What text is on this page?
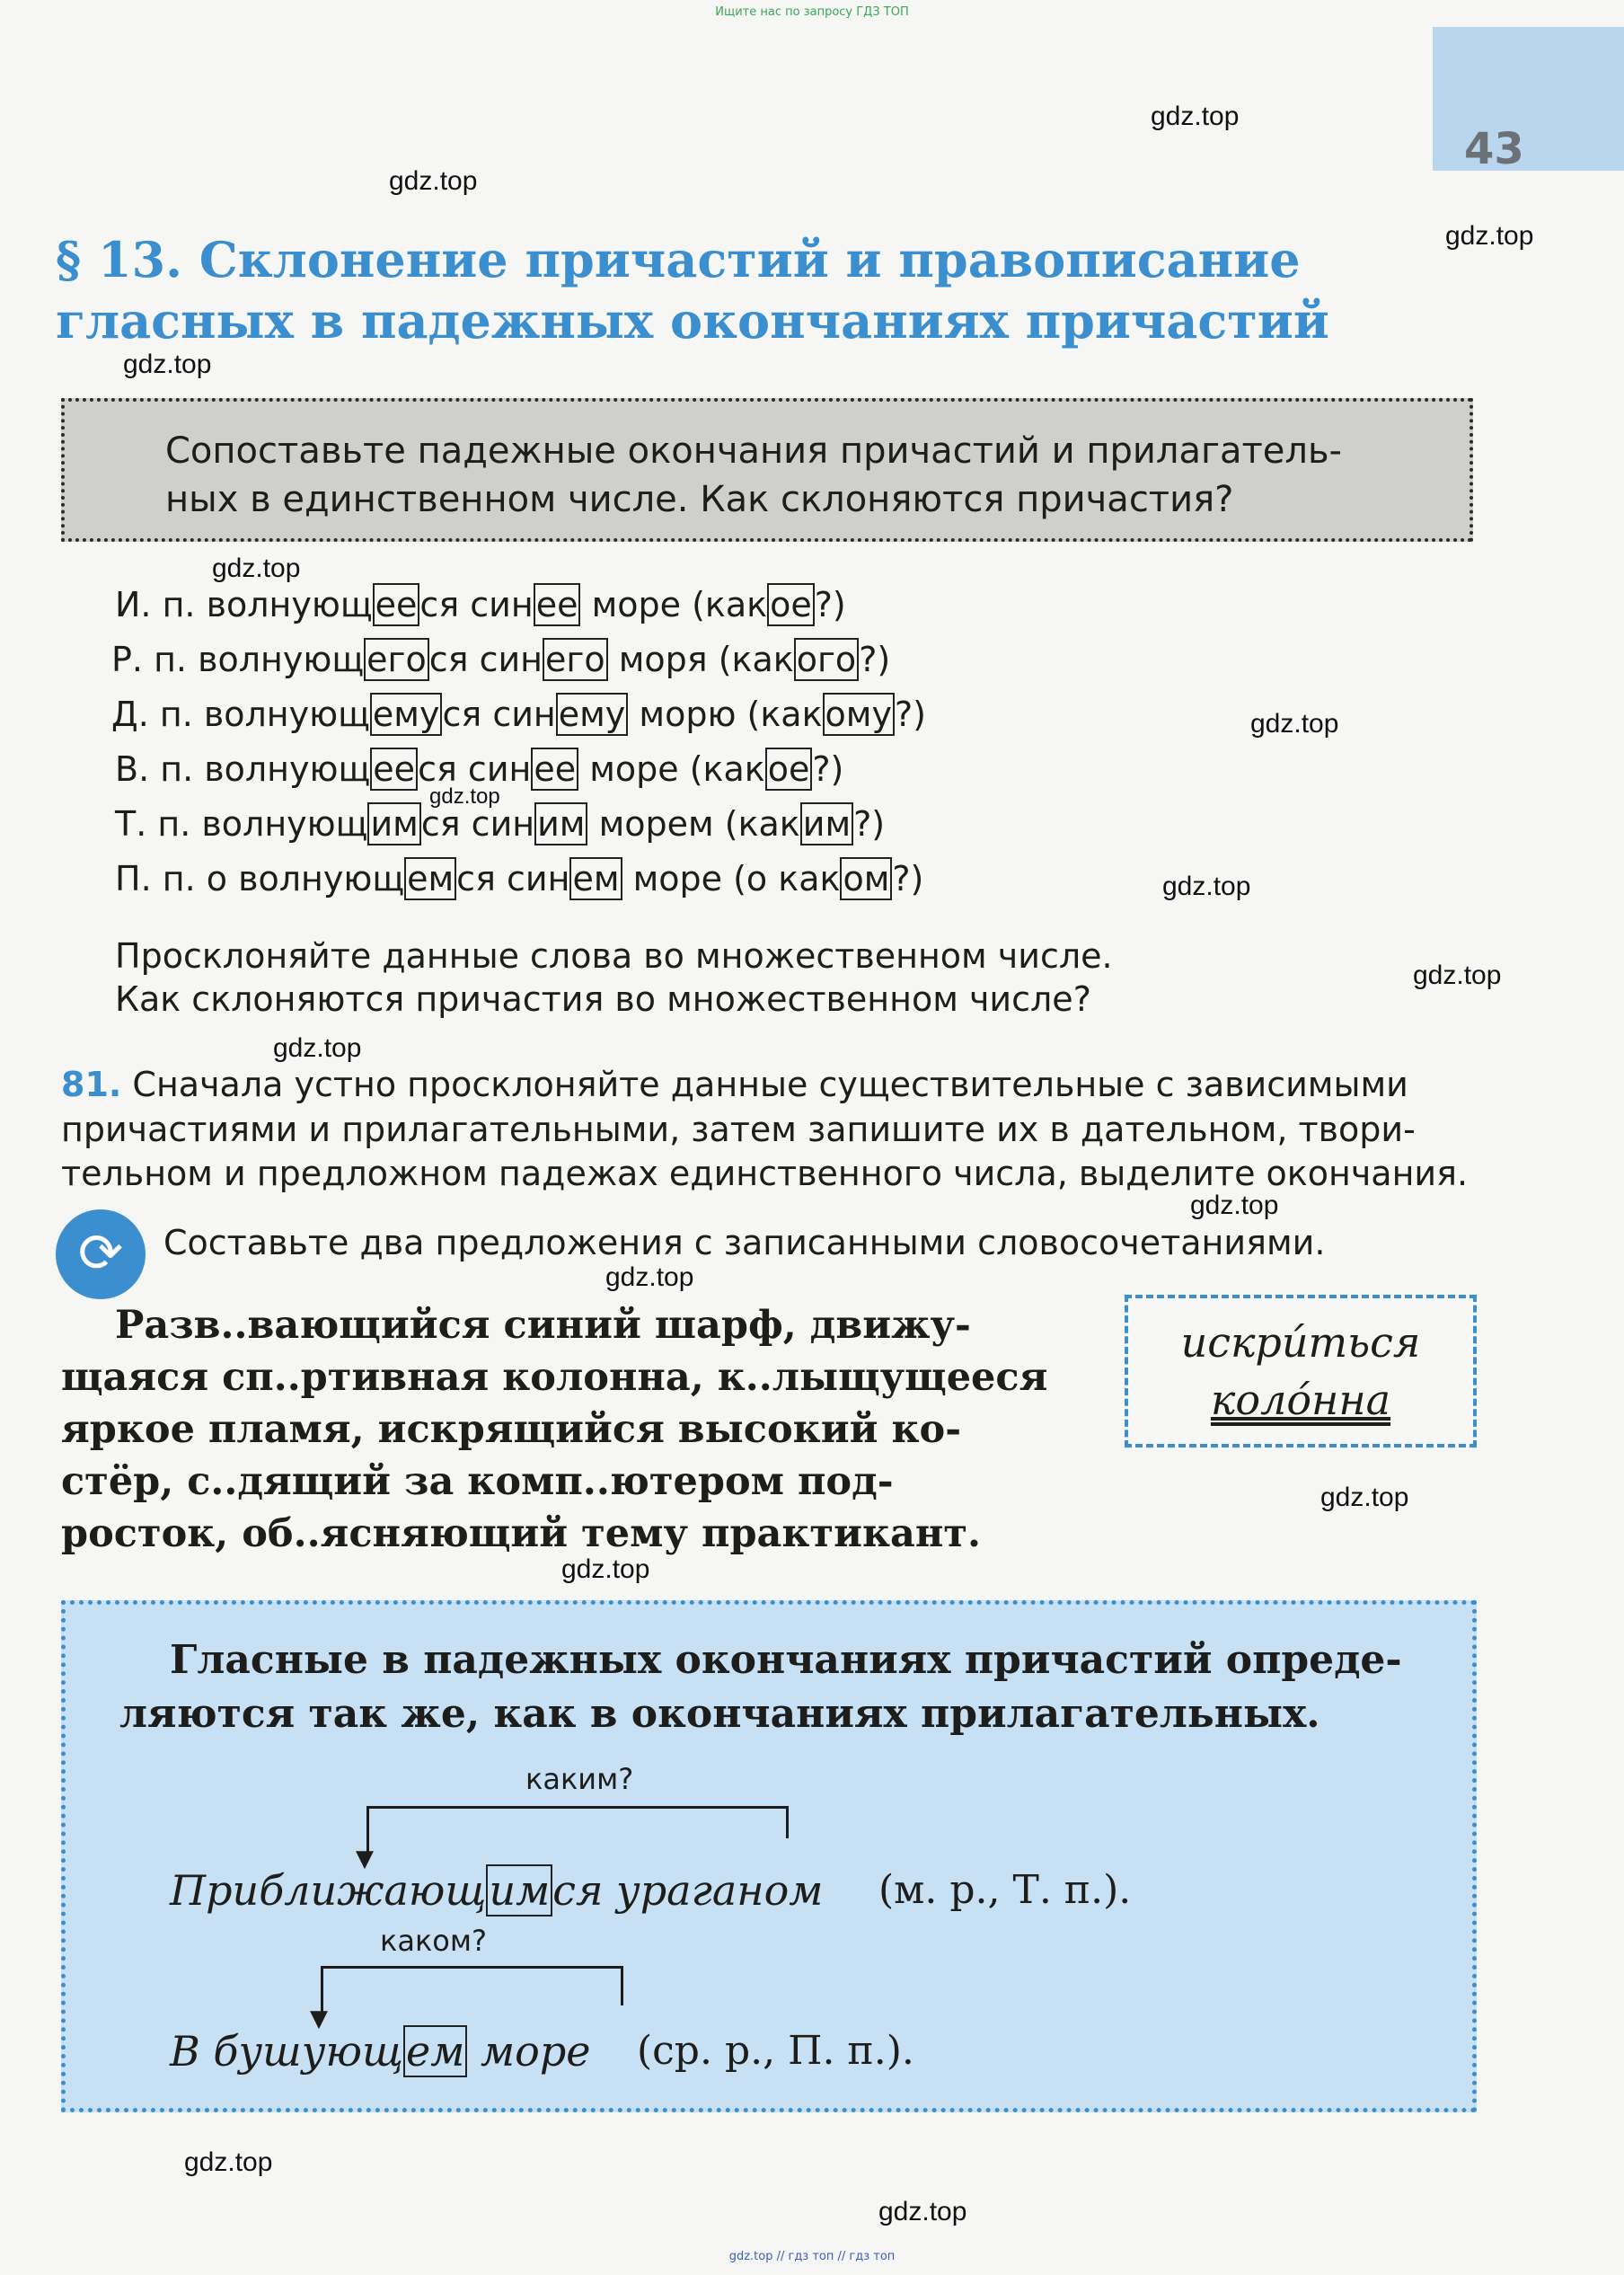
Ищите нас по запросу ГДЗ ТОП
43
gdz.top
gdz.top
gdz.top
gdz.top
gdz.top
gdz.top
gdz.top
gdz.top
gdz.top
gdz.top
gdz.top
gdz.top
gdz.top
gdz.top
gdz.top
gdz.top
§ 13. Склонение причастий и правописание
гласных в падежных окончаниях причастий
Сопоставьте падежные окончания причастий и прилагатель-
ных в единственном числе. Как склоняются причастия?
И. п. волнующееся синее море (какое?)
Р. п. волнующегося синего моря (какого?)
Д. п. волнующемуся синему морю (какому?)
В. п. волнующееся синее море (какое?)
Т. п. волнующимся синим морем (каким?)
П. п. о волнующемся синем море (о каком?)
Просклоняйте данные слова во множественном числе.
Как склоняются причастия во множественном числе?
81. Сначала устно просклоняйте данные существительные с зависимыми
причастиями и прилагательными, затем запишите их в дательном, твори-
тельном и предложном падежах единственного числа, выделите окончания.
⟳	Составьте два предложения с записанными словосочетаниями.
Разв..вающийся синий шарф, движу-
щаяся сп..ртивная колонна, к..лыщущееся
яркое пламя, искрящийся высокий ко-
стёр, с..дящий за комп..ютером под-
росток, об..ясняющий тему практикант.
искри́ться
коло́нна
Гласные в падежных окончаниях причастий опреде-
ляются так же, как в окончаниях прилагательных.
каким?
▼
Приближающимся ураганом (м. р., Т. п.).
каком?
▼
В бушующем море (ср. р., П. п.).
gdz.top // гдз топ // гдз топ
